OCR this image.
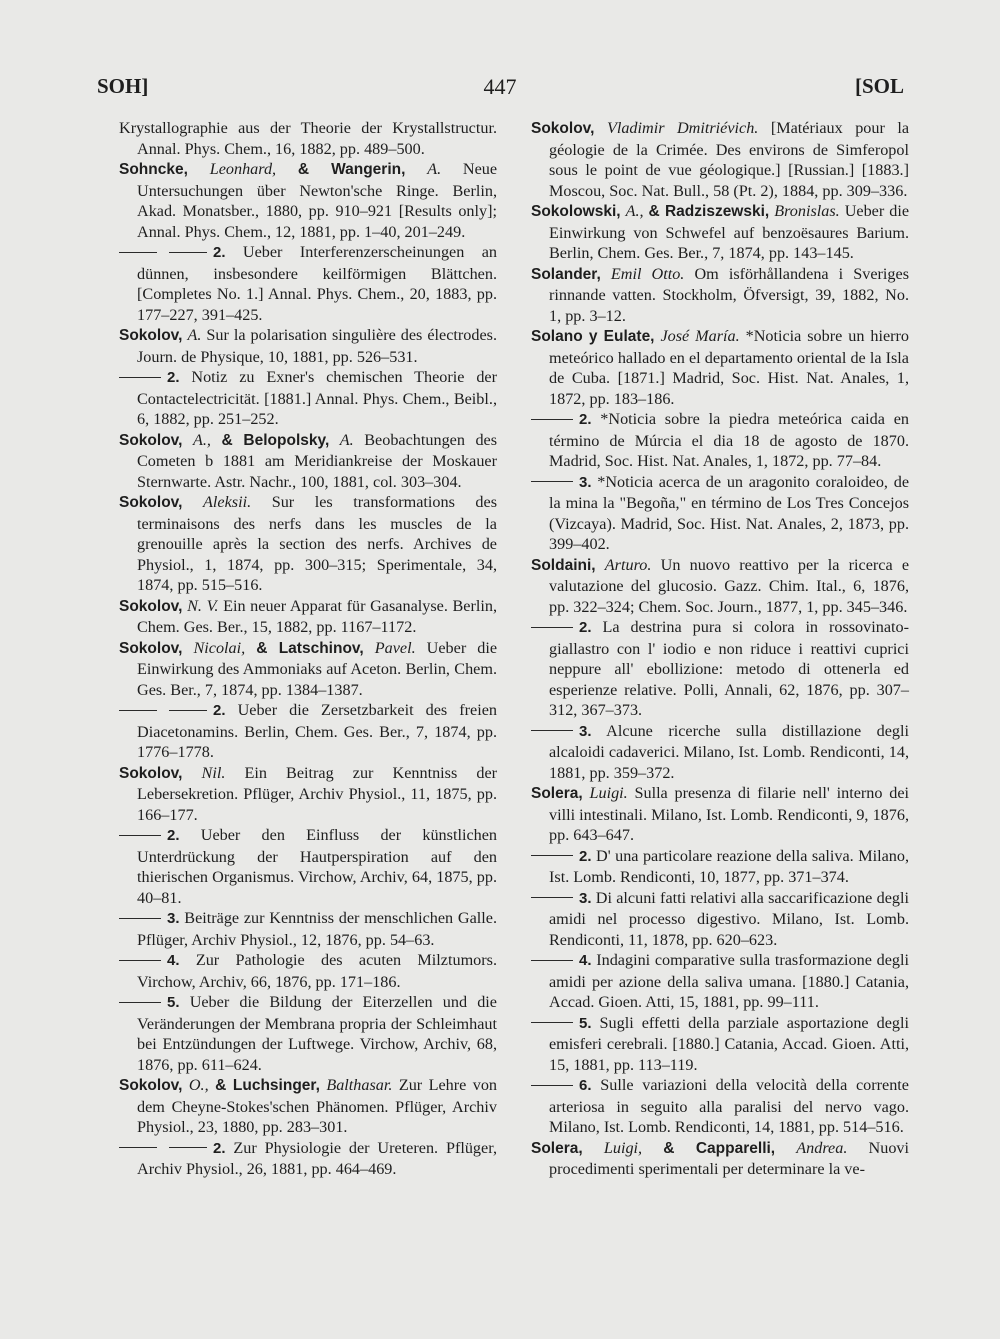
SOH]	447	[SOL

Krystallographie aus der Theorie der Krystallstructur. Annal. Phys. Chem., 16, 1882, pp. 489–500.

Sohncke, Leonhard, & Wangerin, A. Neue Untersuchungen über Newton'sche Ringe. Berlin, Akad. Monatsber., 1880, pp. 910–921 [Results only]; Annal. Phys. Chem., 12, 1881, pp. 1–40, 201–249.

2. Ueber Interferenzerscheinungen an dünnen, insbesondere keilförmigen Blättchen. [Completes No. 1.] Annal. Phys. Chem., 20, 1883, pp. 177–227, 391–425.

Sokolov, A. Sur la polarisation singulière des électrodes. Journ. de Physique, 10, 1881, pp. 526–531.

2. Notiz zu Exner's chemischen Theorie der Contactelectricität. [1881.] Annal. Phys. Chem., Beibl., 6, 1882, pp. 251–252.

Sokolov, A., & Belopolsky, A. Beobachtungen des Cometen b 1881 am Meridiankreise der Moskauer Sternwarte. Astr. Nachr., 100, 1881, col. 303–304.

Sokolov, Aleksii. Sur les transformations des terminaisons des nerfs dans les muscles de la grenouille après la section des nerfs. Archives de Physiol., 1, 1874, pp. 300–315; Sperimentale, 34, 1874, pp. 515–516.

Sokolov, N. V. Ein neuer Apparat für Gasanalyse. Berlin, Chem. Ges. Ber., 15, 1882, pp. 1167–1172.

Sokolov, Nicolai, & Latschinov, Pavel. Ueber die Einwirkung des Ammoniaks auf Aceton. Berlin, Chem. Ges. Ber., 7, 1874, pp. 1384–1387.

2. Ueber die Zersetzbarkeit des freien Diacetonamins. Berlin, Chem. Ges. Ber., 7, 1874, pp. 1776–1778.

Sokolov, Nil. Ein Beitrag zur Kenntniss der Lebersekretion. Pflüger, Archiv Physiol., 11, 1875, pp. 166–177.

2. Ueber den Einfluss der künstlichen Unterdrückung der Hautperspiration auf den thierischen Organismus. Virchow, Archiv, 64, 1875, pp. 40–81.

3. Beiträge zur Kenntniss der menschlichen Galle. Pflüger, Archiv Physiol., 12, 1876, pp. 54–63.

4. Zur Pathologie des acuten Milztumors. Virchow, Archiv, 66, 1876, pp. 171–186.

5. Ueber die Bildung der Eiterzellen und die Veränderungen der Membrana propria der Schleimhaut bei Entzündungen der Luftwege. Virchow, Archiv, 68, 1876, pp. 611–624.

Sokolov, O., & Luchsinger, Balthasar. Zur Lehre von dem Cheyne-Stokes'schen Phänomen. Pflüger, Archiv Physiol., 23, 1880, pp. 283–301.

2. Zur Physiologie der Ureteren. Pflüger, Archiv Physiol., 26, 1881, pp. 464–469.

Sokolov, Vladimir Dmitriévich. [Matériaux pour la géologie de la Crimée. Des environs de Simferopol sous le point de vue géologique.] [Russian.] [1883.] Moscou, Soc. Nat. Bull., 58 (Pt. 2), 1884, pp. 309–336.

Sokolowski, A., & Radziszewski, Bronislas. Ueber die Einwirkung von Schwefel auf benzoësaures Barium. Berlin, Chem. Ges. Ber., 7, 1874, pp. 143–145.

Solander, Emil Otto. Om isförhållandena i Sveriges rinnande vatten. Stockholm, Öfversigt, 39, 1882, No. 1, pp. 3–12.

Solano y Eulate, José María. *Noticia sobre un hierro meteórico hallado en el departamento oriental de la Isla de Cuba. [1871.] Madrid, Soc. Hist. Nat. Anales, 1, 1872, pp. 183–186.

2. *Noticia sobre la piedra meteórica caida en término de Múrcia el dia 18 de agosto de 1870. Madrid, Soc. Hist. Nat. Anales, 1, 1872, pp. 77–84.

3. *Noticia acerca de un aragonito coraloideo, de la mina la "Begoña," en término de Los Tres Concejos (Vizcaya). Madrid, Soc. Hist. Nat. Anales, 2, 1873, pp. 399–402.

Soldaini, Arturo. Un nuovo reattivo per la ricerca e valutazione del glucosio. Gazz. Chim. Ital., 6, 1876, pp. 322–324; Chem. Soc. Journ., 1877, 1, pp. 345–346.

2. La destrina pura si colora in rossovinato-giallastro con l' iodio e non riduce i reattivi cuprici neppure all' ebollizione: metodo di ottenerla ed esperienze relative. Polli, Annali, 62, 1876, pp. 307–312, 367–373.

3. Alcune ricerche sulla distillazione degli alcaloidi cadaverici. Milano, Ist. Lomb. Rendiconti, 14, 1881, pp. 359–372.

Solera, Luigi. Sulla presenza di filarie nell' interno dei villi intestinali. Milano, Ist. Lomb. Rendiconti, 9, 1876, pp. 643–647.

2. D' una particolare reazione della saliva. Milano, Ist. Lomb. Rendiconti, 10, 1877, pp. 371–374.

3. Di alcuni fatti relativi alla saccarificazione degli amidi nel processo digestivo. Milano, Ist. Lomb. Rendiconti, 11, 1878, pp. 620–623.

4. Indagini comparative sulla trasformazione degli amidi per azione della saliva umana. [1880.] Catania, Accad. Gioen. Atti, 15, 1881, pp. 99–111.

5. Sugli effetti della parziale asportazione degli emisferi cerebrali. [1880.] Catania, Accad. Gioen. Atti, 15, 1881, pp. 113–119.

6. Sulle variazioni della velocità della corrente arteriosa in seguito alla paralisi del nervo vago. Milano, Ist. Lomb. Rendiconti, 14, 1881, pp. 514–516.

Solera, Luigi, & Capparelli, Andrea. Nuovi procedimenti sperimentali per determinare la ve-
